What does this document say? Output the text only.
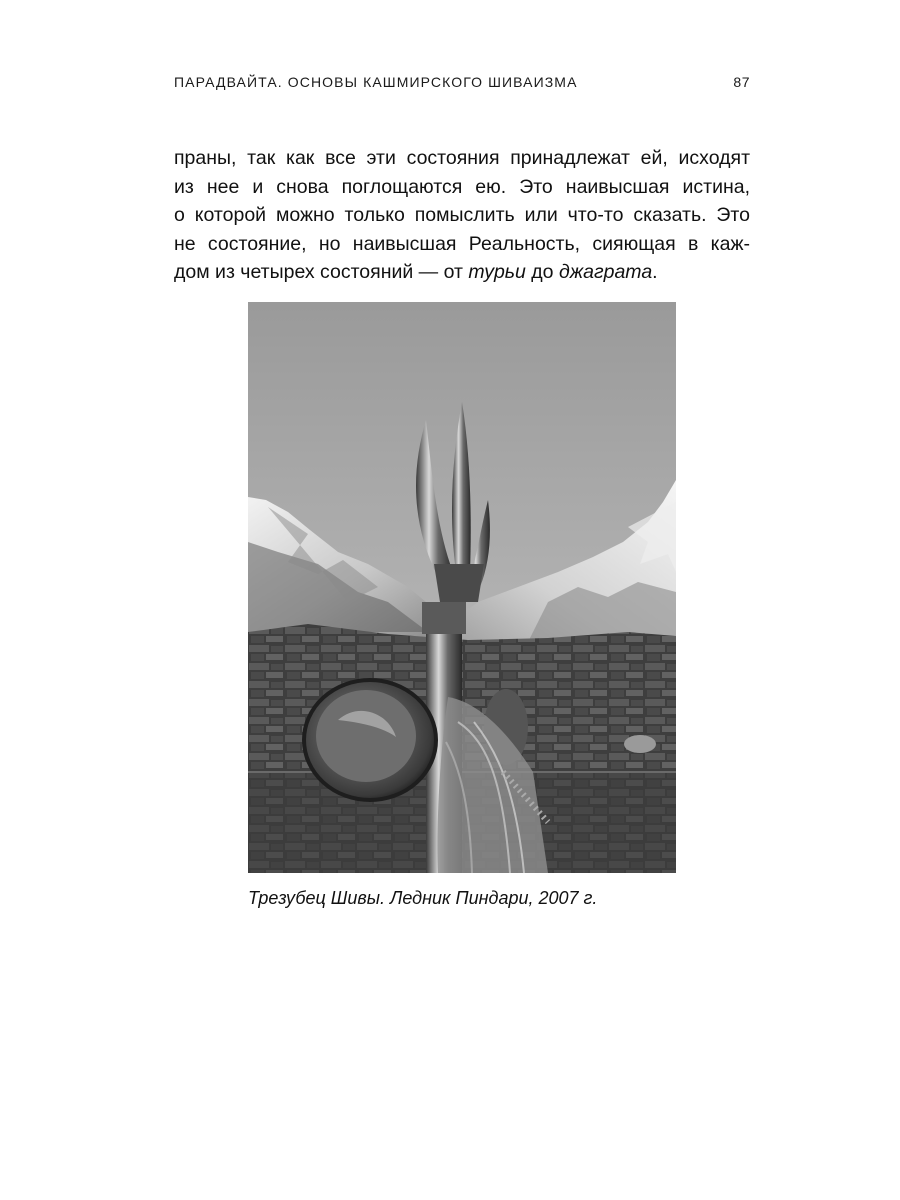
ПАРАДВАЙТА. ОСНОВЫ КАШМИРСКОГО ШИВАИЗМА	87
праны, так как все эти состояния принадлежат ей, исходят
из нее и снова поглощаются ею. Это наивысшая истина,
о которой можно только помыслить или что-то сказать. Это
не состояние, но наивысшая Реальность, сияющая в каж-
дом из четырех состояний — от турьи до джаграта.
Трезубец Шивы. Ледник Пиндари, 2007 г.
